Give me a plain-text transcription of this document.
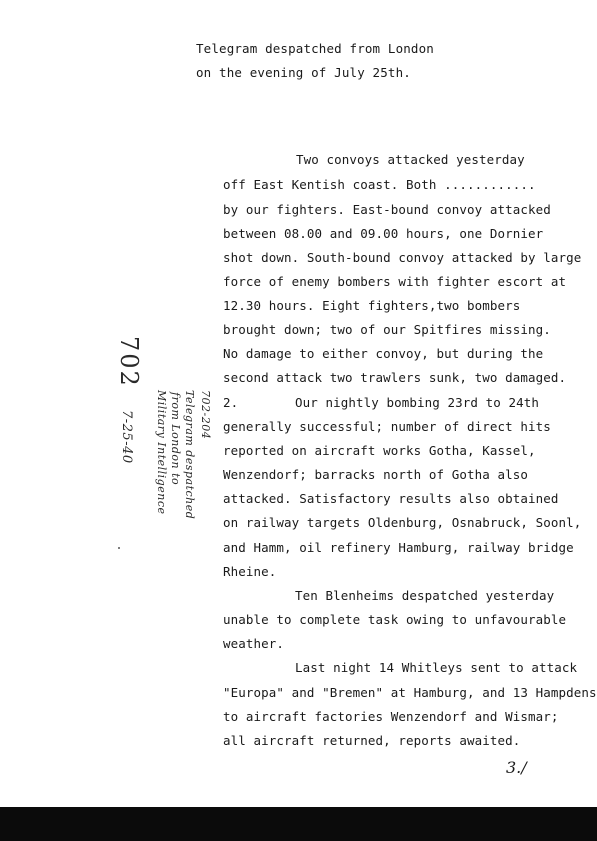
Telegram despatched from London
on the evening of July 25th.
Two convoys attacked yesterday
off East Kentish coast. Both ............
by our fighters. East-bound convoy attacked
between 08.00 and 09.00 hours, one Dornier
shot down. South-bound convoy attacked by large
force of enemy bombers with fighter escort at
12.30 hours. Eight fighters,two bombers
brought down; two of our Spitfires missing.
No damage to either convoy, but during the
second attack two trawlers sunk, two damaged.
2.	Our nightly bombing 23rd to 24th
generally successful; number of direct hits
reported on aircraft works Gotha, Kassel,
Wenzendorf; barracks north of Gotha also
attacked. Satisfactory results also obtained
on railway targets Oldenburg, Osnabruck, Soonl,
and Hamm, oil refinery Hamburg, railway bridge
Rheine.
Ten Blenheims despatched yesterday
unable to complete task owing to unfavourable
weather.
Last night 14 Whitleys sent to attack
"Europa" and "Bremen" at Hamburg, and 13 Hampdens
to aircraft factories Wenzendorf and Wismar;
all aircraft returned, reports awaited.
702
702-204
Telegram despatched
from London to
Military Intelligence
7-25-40
3./
